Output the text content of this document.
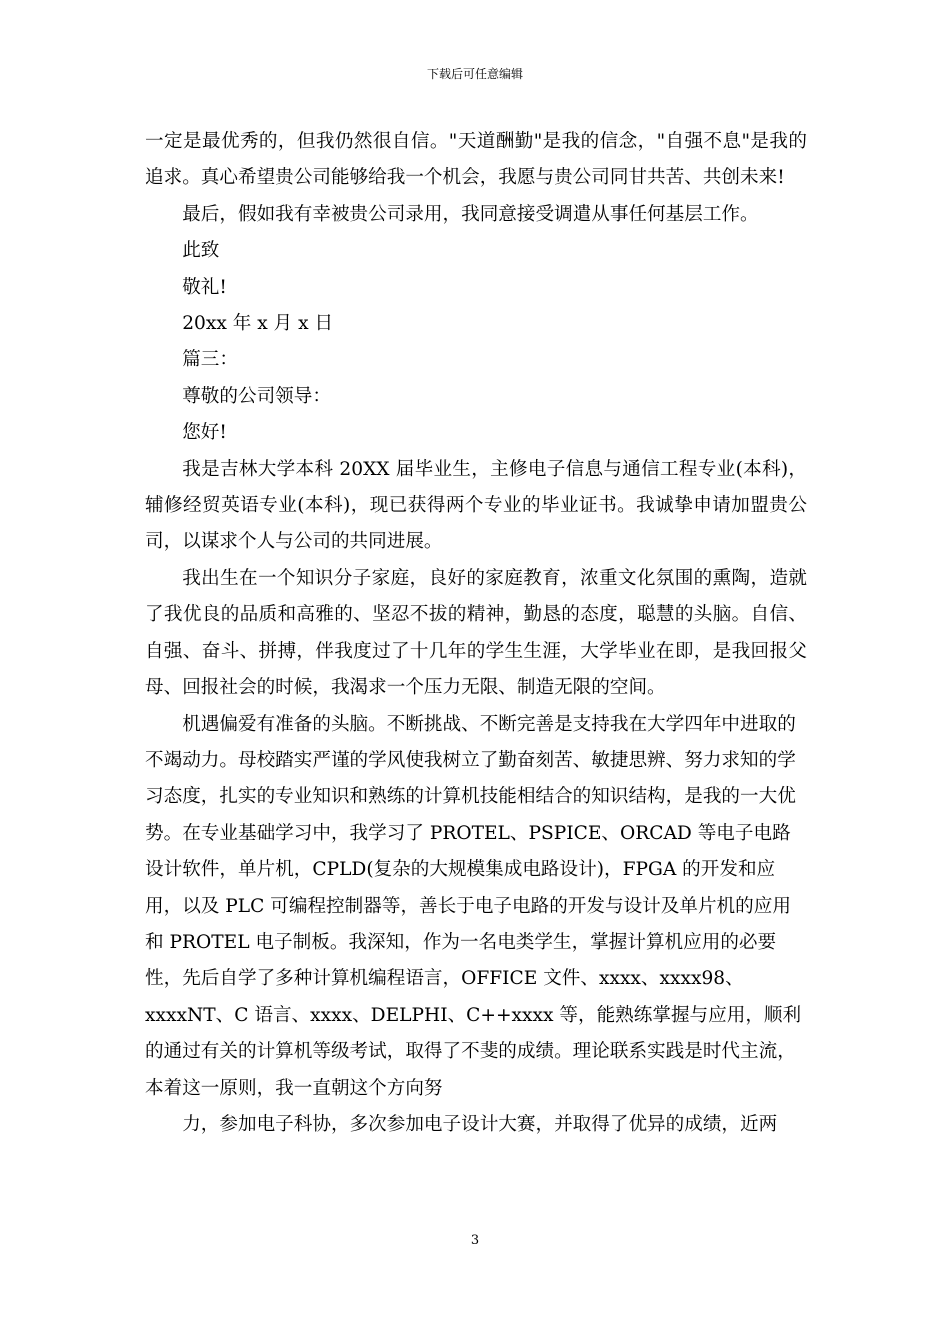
下载后可任意编辑

一定是最优秀的，但我仍然很自信。"天道酬勤"是我的信念，"自强不息"是我的追求。真心希望贵公司能够给我一个机会，我愿与贵公司同甘共苦、共创未来!

最后，假如我有幸被贵公司录用，我同意接受调遣从事任何基层工作。

此致

敬礼!

20xx 年 x 月 x 日

篇三：

尊敬的公司领导：

您好!

我是吉林大学本科 20XX 届毕业生，主修电子信息与通信工程专业(本科)，辅修经贸英语专业(本科)，现已获得两个专业的毕业证书。我诚挚申请加盟贵公司，以谋求个人与公司的共同进展。

我出生在一个知识分子家庭，良好的家庭教育，浓重文化氛围的熏陶，造就了我优良的品质和高雅的、坚忍不拔的精神，勤恳的态度，聪慧的头脑。自信、自强、奋斗、拼搏，伴我度过了十几年的学生生涯，大学毕业在即，是我回报父母、回报社会的时候，我渴求一个压力无限、制造无限的空间。

机遇偏爱有准备的头脑。不断挑战、不断完善是支持我在大学四年中进取的不竭动力。母校踏实严谨的学风使我树立了勤奋刻苦、敏捷思辨、努力求知的学习态度，扎实的专业知识和熟练的计算机技能相结合的知识结构，是我的一大优势。在专业基础学习中，我学习了 PROTEL、PSPICE、ORCAD 等电子电路设计软件，单片机，CPLD(复杂的大规模集成电路设计)，FPGA 的开发和应用，以及 PLC 可编程控制器等，善长于电子电路的开发与设计及单片机的应用和 PROTEL 电子制板。我深知，作为一名电类学生，掌握计算机应用的必要性，先后自学了多种计算机编程语言，OFFICE 文件、xxxx、xxxx98、xxxxNT、C 语言、xxxx、DELPHI、C++xxxx 等，能熟练掌握与应用，顺利的通过有关的计算机等级考试，取得了不斐的成绩。理论联系实践是时代主流，本着这一原则，我一直朝这个方向努

力，参加电子科协，多次参加电子设计大赛，并取得了优异的成绩，近两

3
